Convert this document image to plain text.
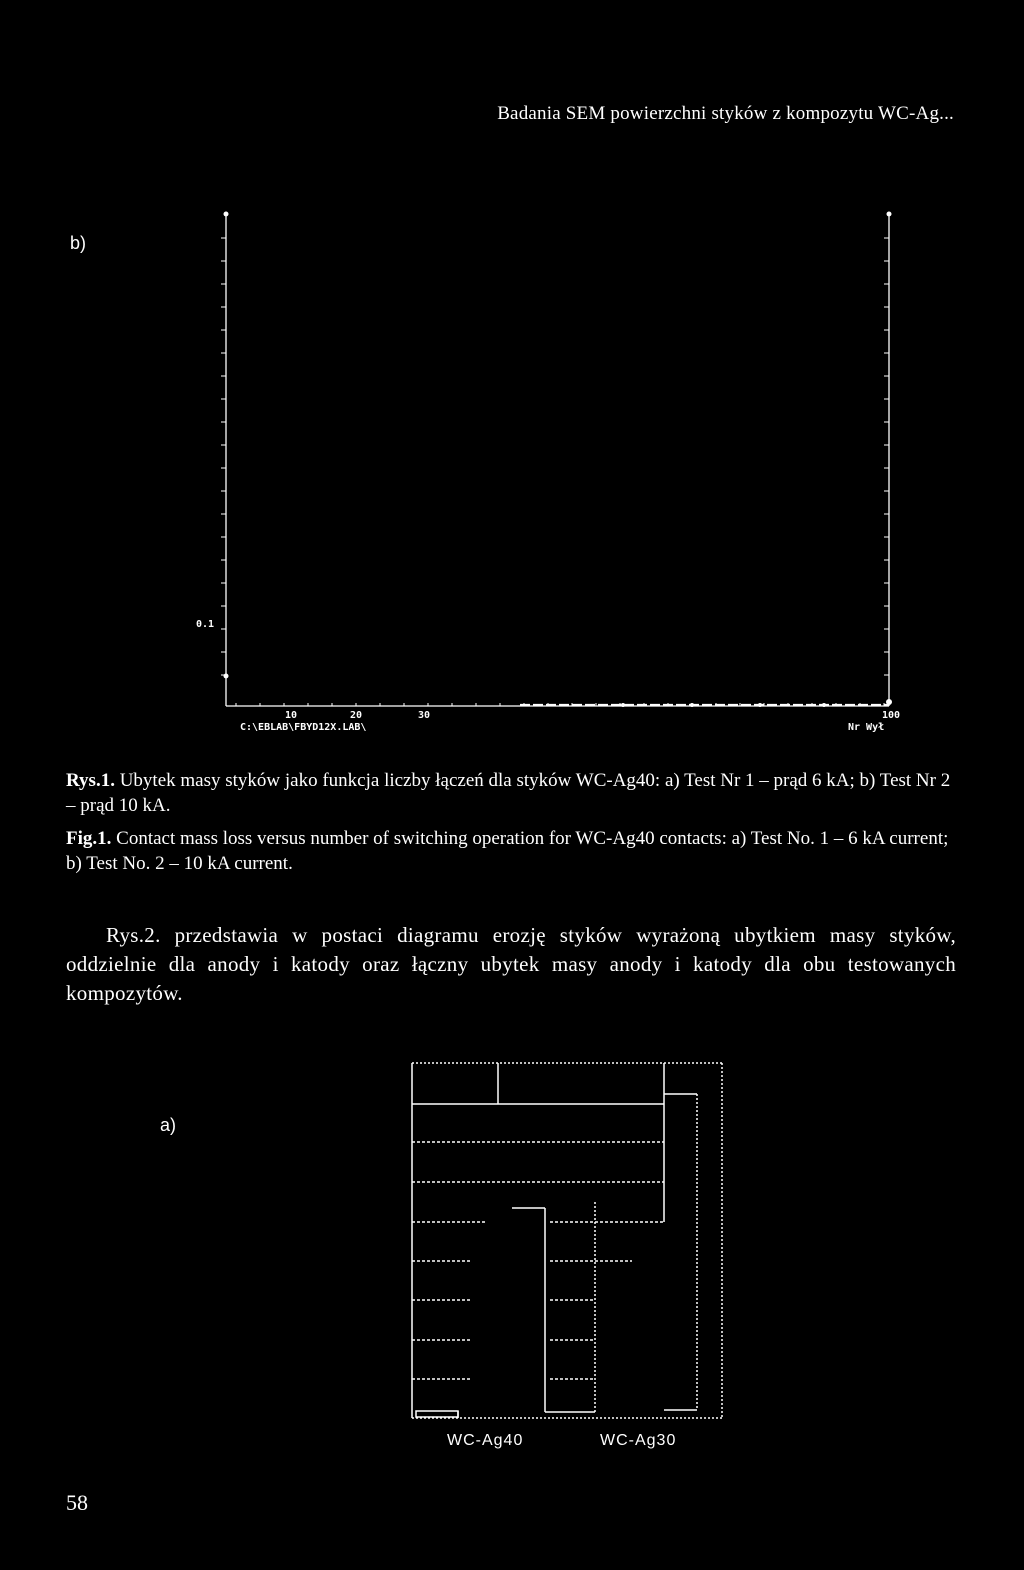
Badania SEM powierzchni styków z kompozytu WC-Ag...
b)
0.1
10	20	30	100
C:\EBLAB\FBYD12X.LAB\	Nr Wył
Rys.1. Ubytek masy styków jako funkcja liczby łączeń dla styków WC-Ag40: a) Test Nr 1 – prąd 6 kA; b) Test Nr 2 – prąd 10 kA.
Fig.1. Contact mass loss versus number of switching operation for WC-Ag40 contacts: a) Test No. 1 – 6 kA current; b) Test No. 2 – 10 kA current.
Rys.2. przedstawia w postaci diagramu erozję styków wyrażoną ubytkiem masy styków, oddzielnie dla anody i katody oraz łączny ubytek masy anody i katody dla obu testowanych kompozytów.
a)
WC-Ag40	WC-Ag30
58
